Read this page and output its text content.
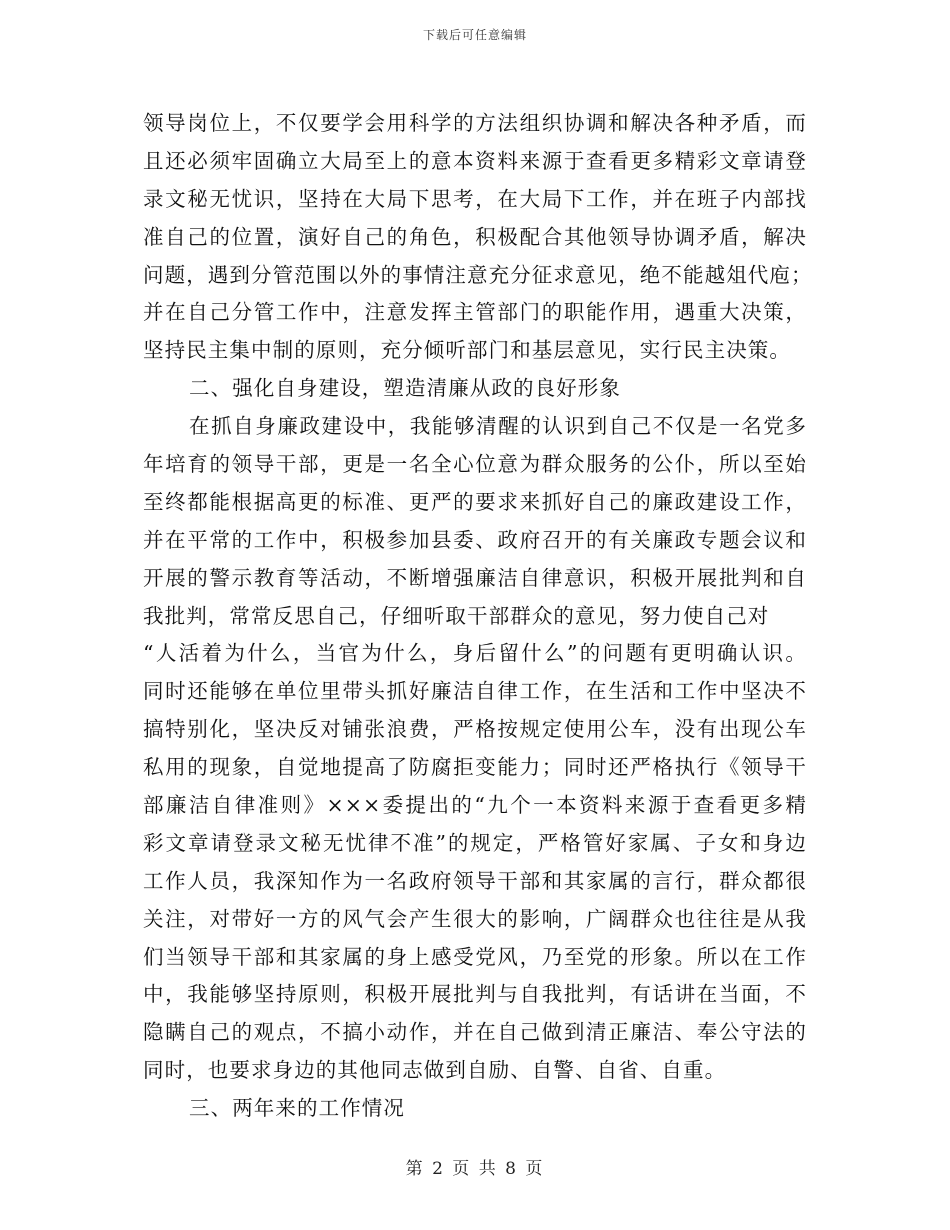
下载后可任意编辑
领导岗位上，不仅要学会用科学的方法组织协调和解决各种矛盾，而
且还必须牢固确立大局至上的意本资料来源于查看更多精彩文章请登
录文秘无忧识，坚持在大局下思考，在大局下工作，并在班子内部找
准自己的位置，演好自己的角色，积极配合其他领导协调矛盾，解决
问题，遇到分管范围以外的事情注意充分征求意见，绝不能越俎代庖；
并在自己分管工作中，注意发挥主管部门的职能作用，遇重大决策，
坚持民主集中制的原则，充分倾听部门和基层意见，实行民主决策。
二、强化自身建设，塑造清廉从政的良好形象
在抓自身廉政建设中，我能够清醒的认识到自己不仅是一名党多
年培育的领导干部，更是一名全心位意为群众服务的公仆，所以至始
至终都能根据高更的标准、更严的要求来抓好自己的廉政建设工作，
并在平常的工作中，积极参加县委、政府召开的有关廉政专题会议和
开展的警示教育等活动，不断增强廉洁自律意识，积极开展批判和自
我批判，常常反思自己，仔细听取干部群众的意见，努力使自己对
“人活着为什么，当官为什么，身后留什么”的问题有更明确认识。
同时还能够在单位里带头抓好廉洁自律工作，在生活和工作中坚决不
搞特别化，坚决反对铺张浪费，严格按规定使用公车，没有出现公车
私用的现象，自觉地提高了防腐拒变能力；同时还严格执行《领导干
部廉洁自律准则》×××委提出的“九个一本资料来源于查看更多精
彩文章请登录文秘无忧律不准”的规定，严格管好家属、子女和身边
工作人员，我深知作为一名政府领导干部和其家属的言行，群众都很
关注，对带好一方的风气会产生很大的影响，广阔群众也往往是从我
们当领导干部和其家属的身上感受党风，乃至党的形象。所以在工作
中，我能够坚持原则，积极开展批判与自我批判，有话讲在当面，不
隐瞒自己的观点，不搞小动作，并在自己做到清正廉洁、奉公守法的
同时，也要求身边的其他同志做到自励、自警、自省、自重。
三、两年来的工作情况
第 2 页 共 8 页
